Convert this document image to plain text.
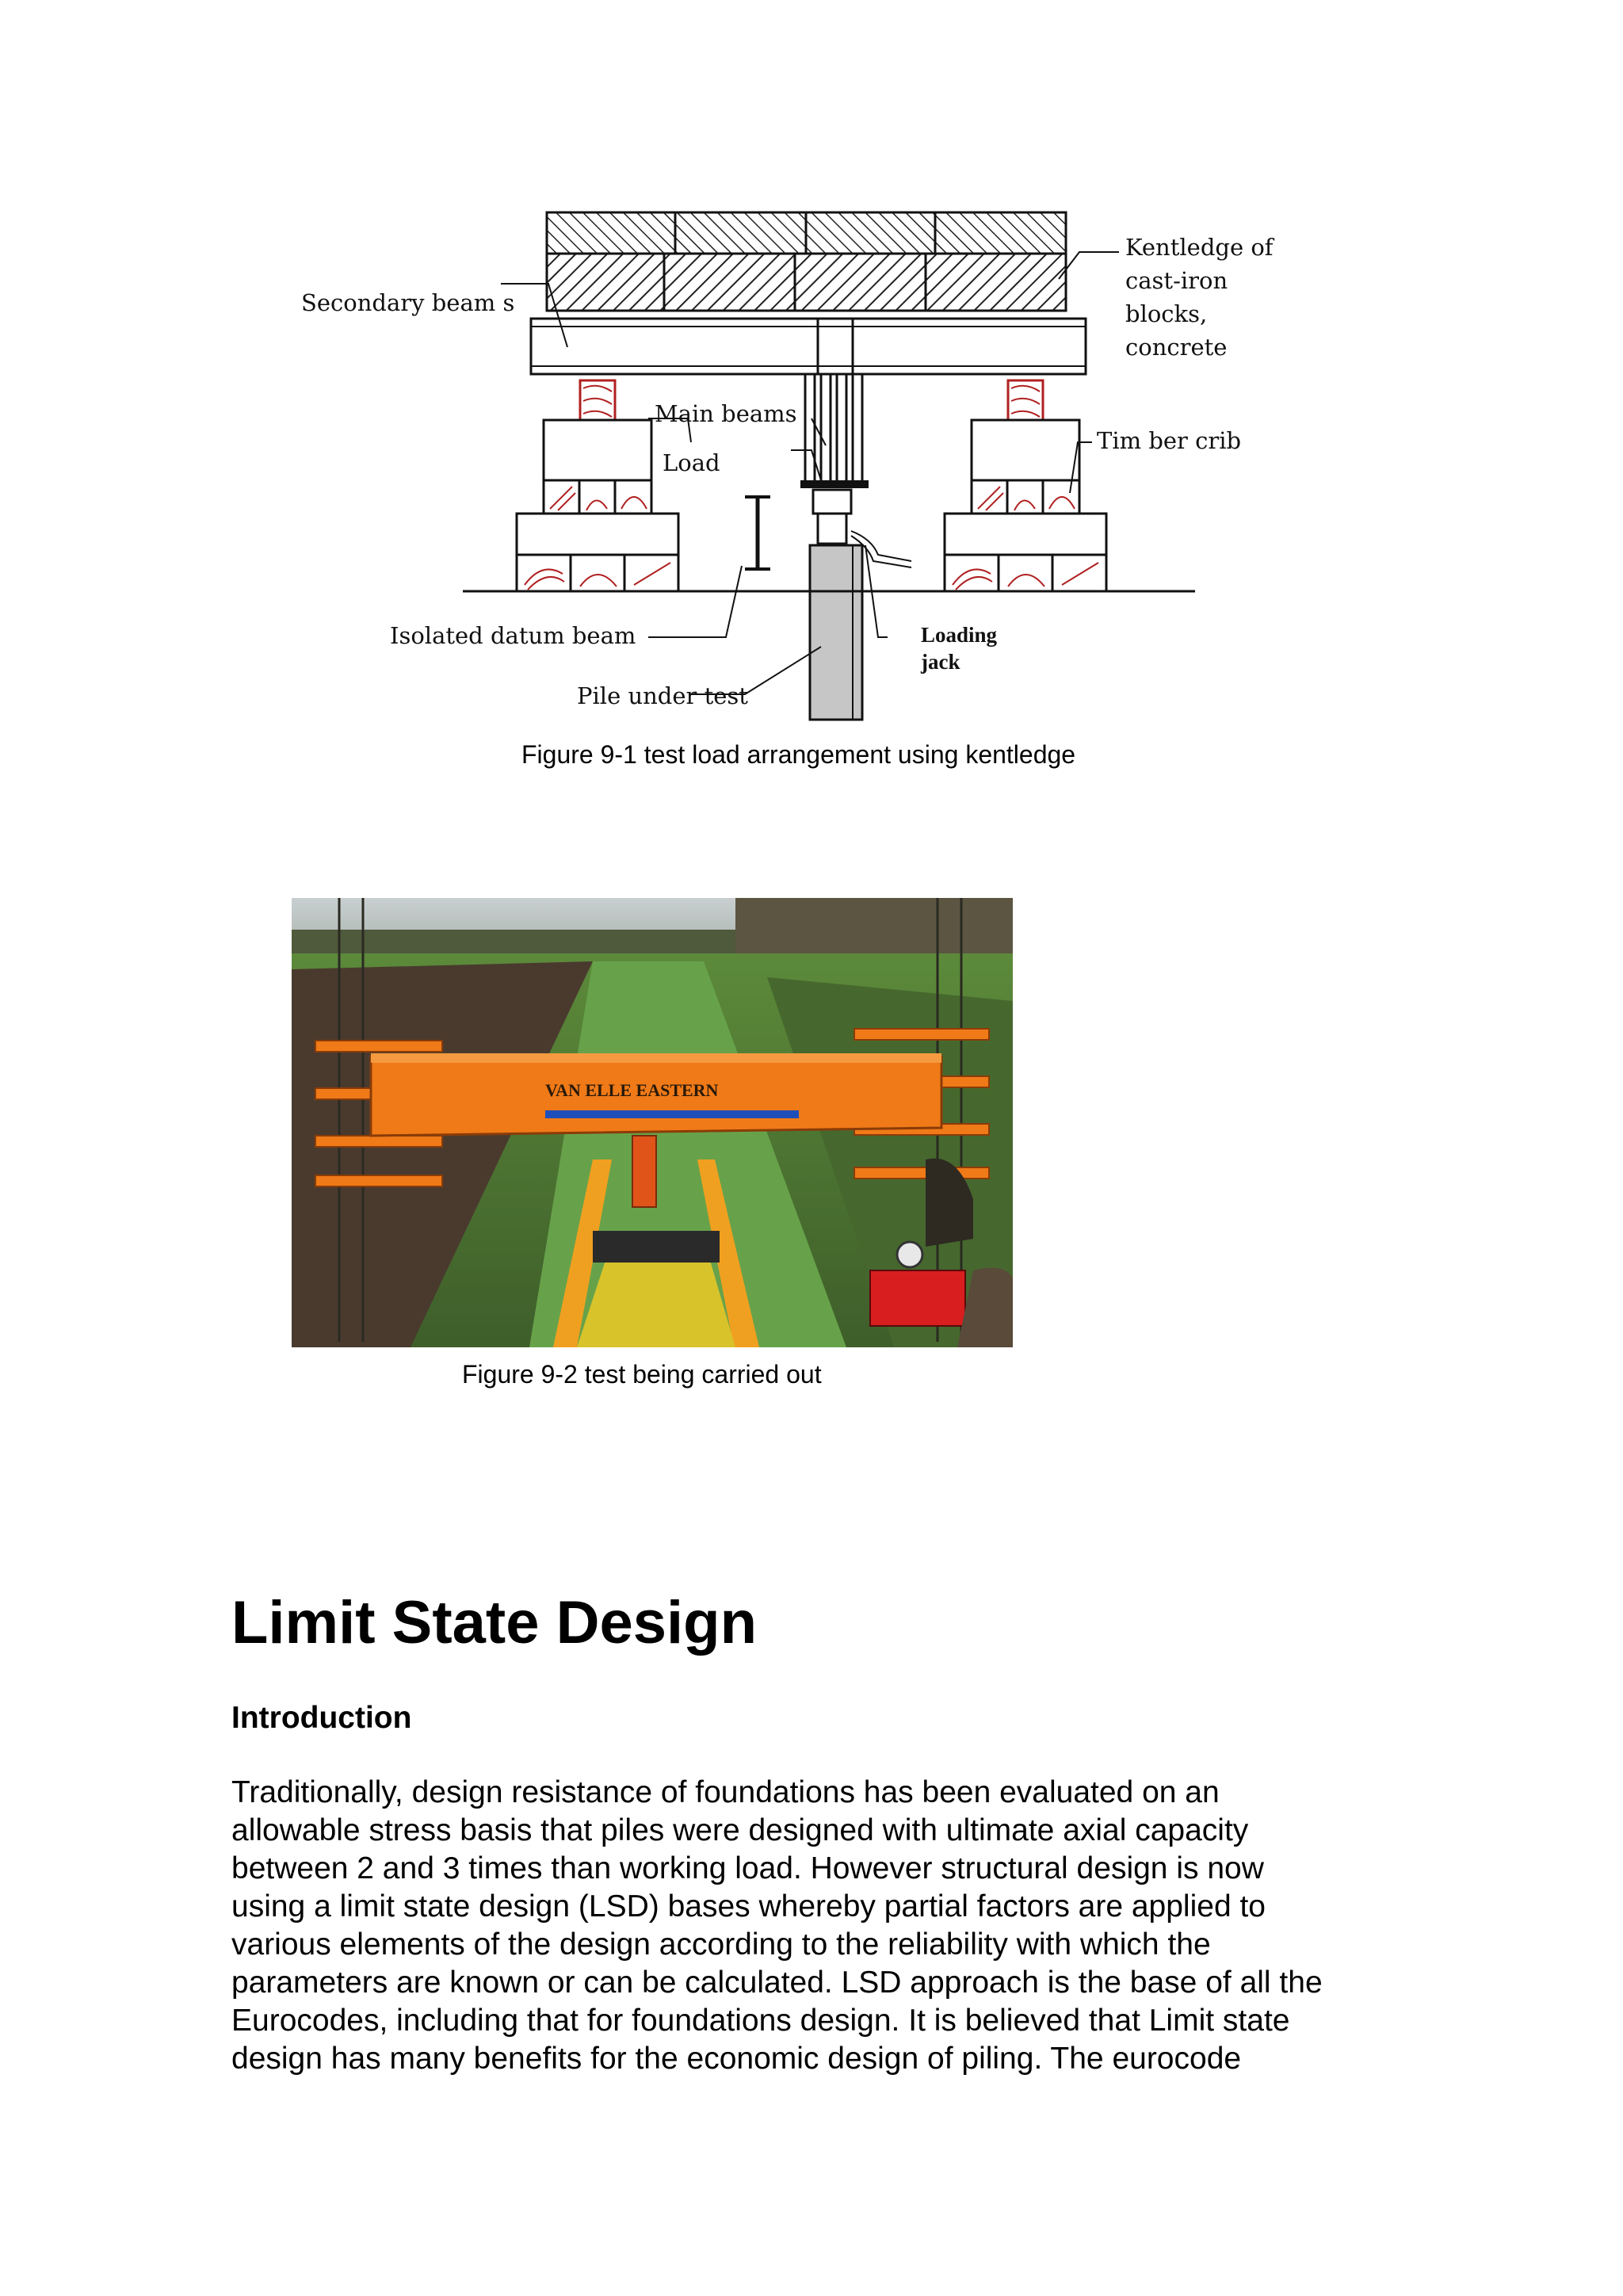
Secondary beam s
Kentledge of
cast-iron
blocks,
concrete
Main beams
Load
Tim ber crib
Isolated datum beam	Loading
jack
Pile under test
Figure 9-1 test load arrangement using kentledge
VAN ELLE EASTERN
Figure 9-2 test being carried out
Limit State Design
Introduction
Traditionally, design resistance of foundations has been evaluated on an
allowable stress basis that piles were designed with ultimate axial capacity
between 2 and 3 times than working load. However structural design is now
using a limit state design (LSD) bases whereby partial factors are applied to
various elements of the design according to the reliability with which the
parameters are known or can be calculated. LSD approach is the base of all the
Eurocodes, including that for foundations design. It is believed that Limit state
design has many benefits for the economic design of piling. The eurocode
